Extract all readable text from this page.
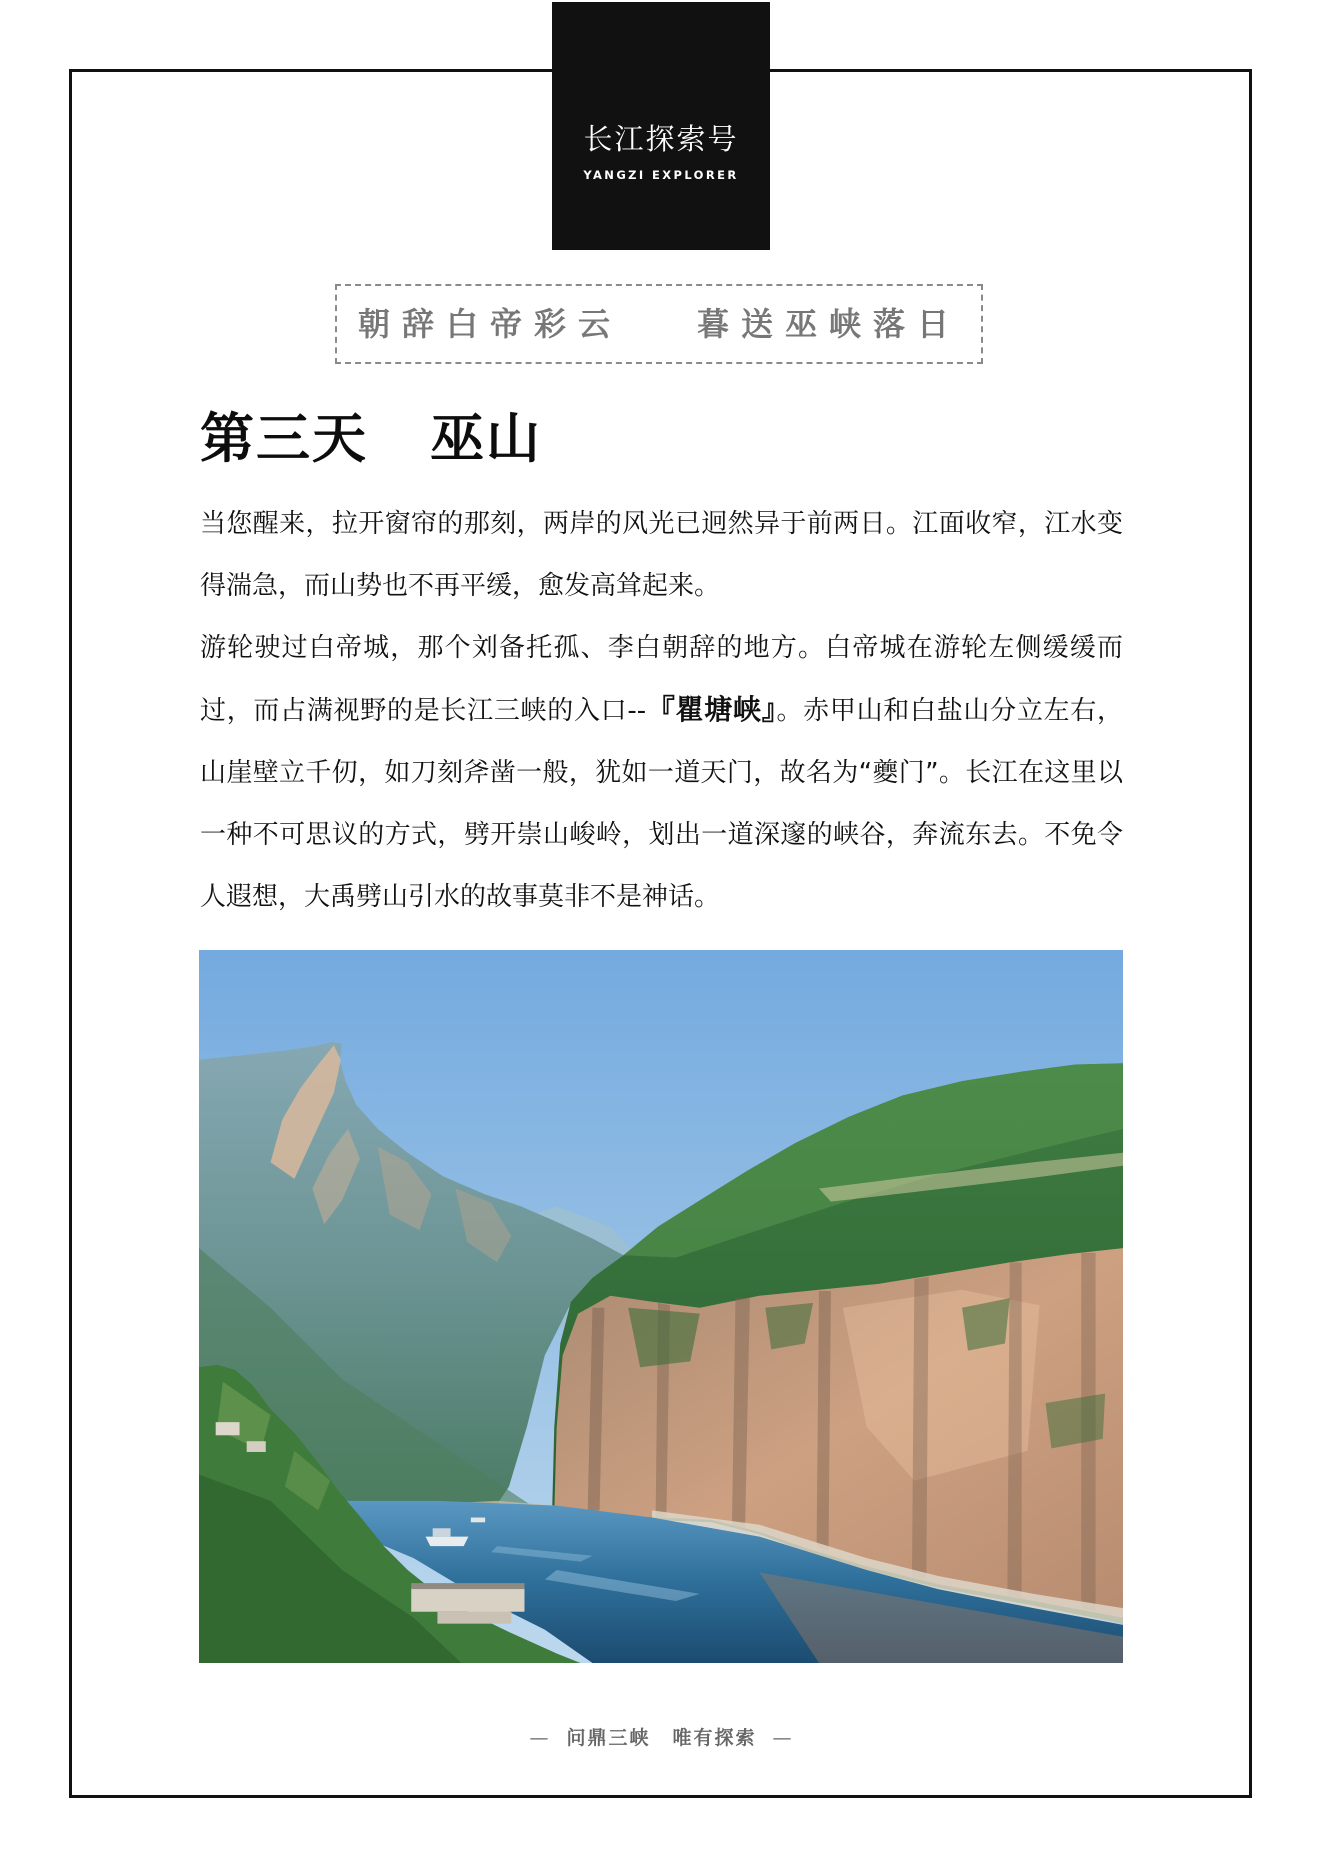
长江探索号
YANGZI EXPLORER
朝辞白帝彩云 暮送巫峡落日
第三天 巫山

当您醒来，拉开窗帘的那刻，两岸的风光已迥然异于前两日。江面收窄，江水变得湍急，而山势也不再平缓，愈发高耸起来。

游轮驶过白帝城，那个刘备托孤、李白朝辞的地方。白帝城在游轮左侧缓缓而过，而占满视野的是长江三峡的入口--『瞿塘峡』。赤甲山和白盐山分立左右，山崖壁立千仞，如刀刻斧凿一般，犹如一道天门，故名为“夔门”。长江在这里以一种不可思议的方式，劈开崇山峻岭，划出一道深邃的峡谷，奔流东去。不免令人遐想，大禹劈山引水的故事莫非不是神话。

— 问鼎三峡 唯有探索 —
